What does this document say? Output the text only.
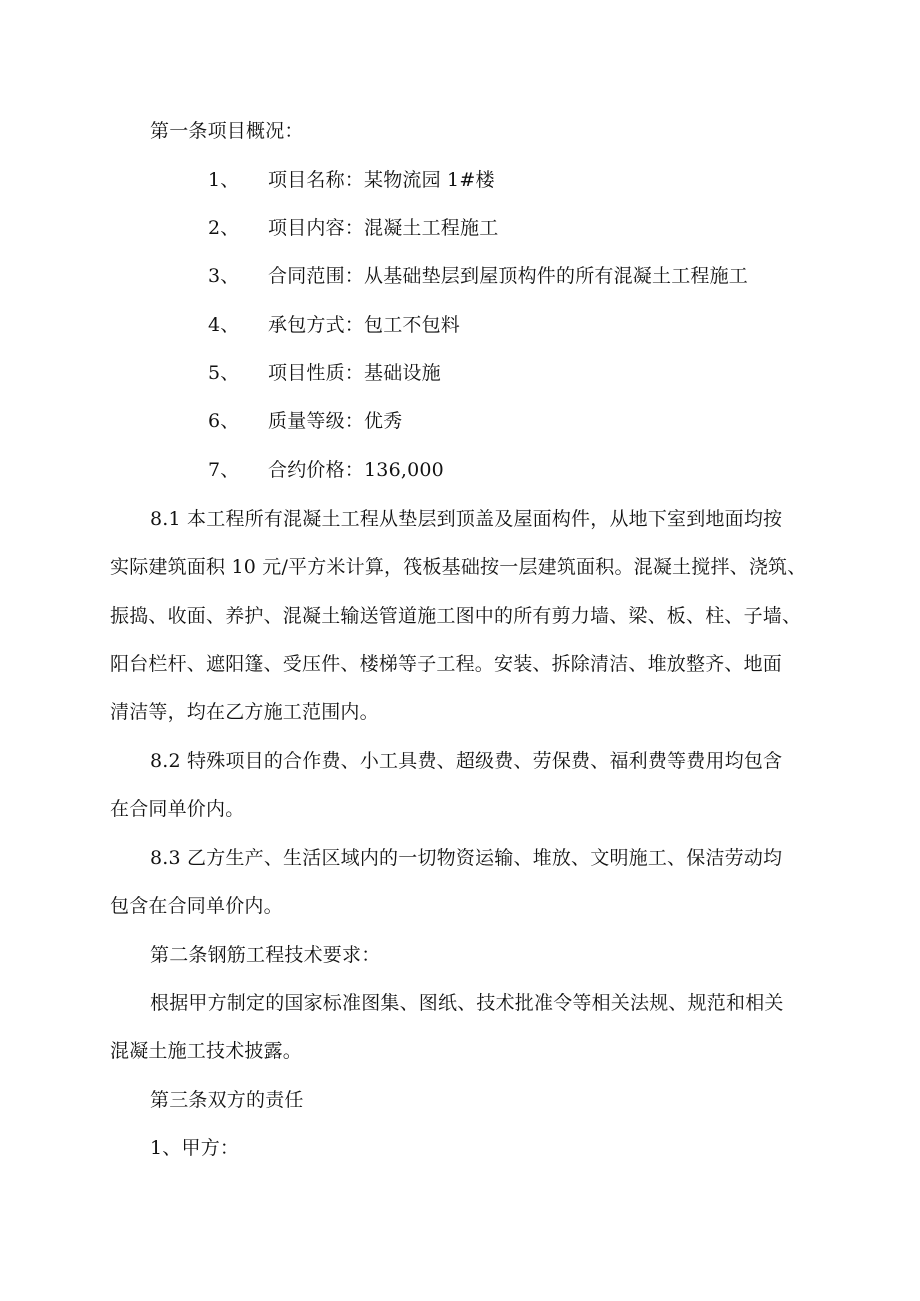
第一条项目概况：
1、 项目名称：某物流园 1#楼
2、 项目内容：混凝土工程施工
3、 合同范围：从基础垫层到屋顶构件的所有混凝土工程施工
4、 承包方式：包工不包料
5、 项目性质：基础设施
6、 质量等级：优秀
7、 合约价格：136,000
8.1 本工程所有混凝土工程从垫层到顶盖及屋面构件，从地下室到地面均按
实际建筑面积 10 元/平方米计算，筏板基础按一层建筑面积。混凝土搅拌、浇筑、
振捣、收面、养护、混凝土输送管道施工图中的所有剪力墙、梁、板、柱、子墙、
阳台栏杆、遮阳篷、受压件、楼梯等子工程。安装、拆除清洁、堆放整齐、地面
清洁等，均在乙方施工范围内。
8.2 特殊项目的合作费、小工具费、超级费、劳保费、福利费等费用均包含
在合同单价内。
8.3 乙方生产、生活区域内的一切物资运输、堆放、文明施工、保洁劳动均
包含在合同单价内。
第二条钢筋工程技术要求：
根据甲方制定的国家标准图集、图纸、技术批准令等相关法规、规范和相关
混凝土施工技术披露。
第三条双方的责任
1、甲方：
